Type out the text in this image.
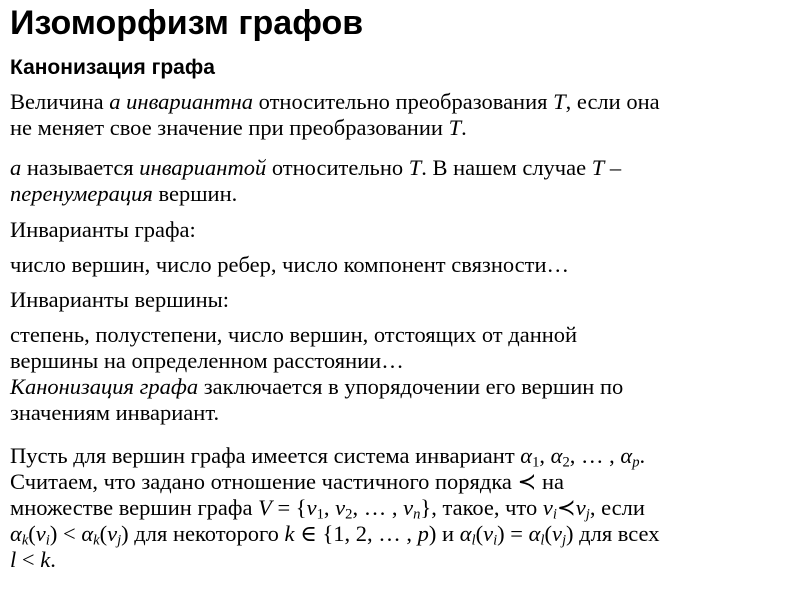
Изоморфизм графов
Канонизация графа
Величина a инвариантна относительно преобразования T, если она
не меняет свое значение при преобразовании T.
a называется инвариантой относительно T. В нашем случае T –
перенумерация вершин.
Инварианты графа:
число вершин, число ребер, число компонент связности…
Инварианты вершины:
степень, полустепени, число вершин, отстоящих от данной
вершины на определенном расстоянии…
Канонизация графа заключается в упорядочении его вершин по
значениям инвариант.
Пусть для вершин графа имеется система инвариант $\alpha_1$, $\alpha_2$, … , $\alpha_p$.
Считаем, что задано отношение частичного порядка ≺ на
множестве вершин графа $V = \{v_1$, $v_2$, … , $v_n$}, такое, что $v_i≺v_j$, если
$\alpha_k(v_i) < \alpha_k(v_j)$ для некоторого k ∈ {1, 2, … , p) и $\alpha_l(v_i) = \alpha_l(v_j)$ для всех
l < k.
